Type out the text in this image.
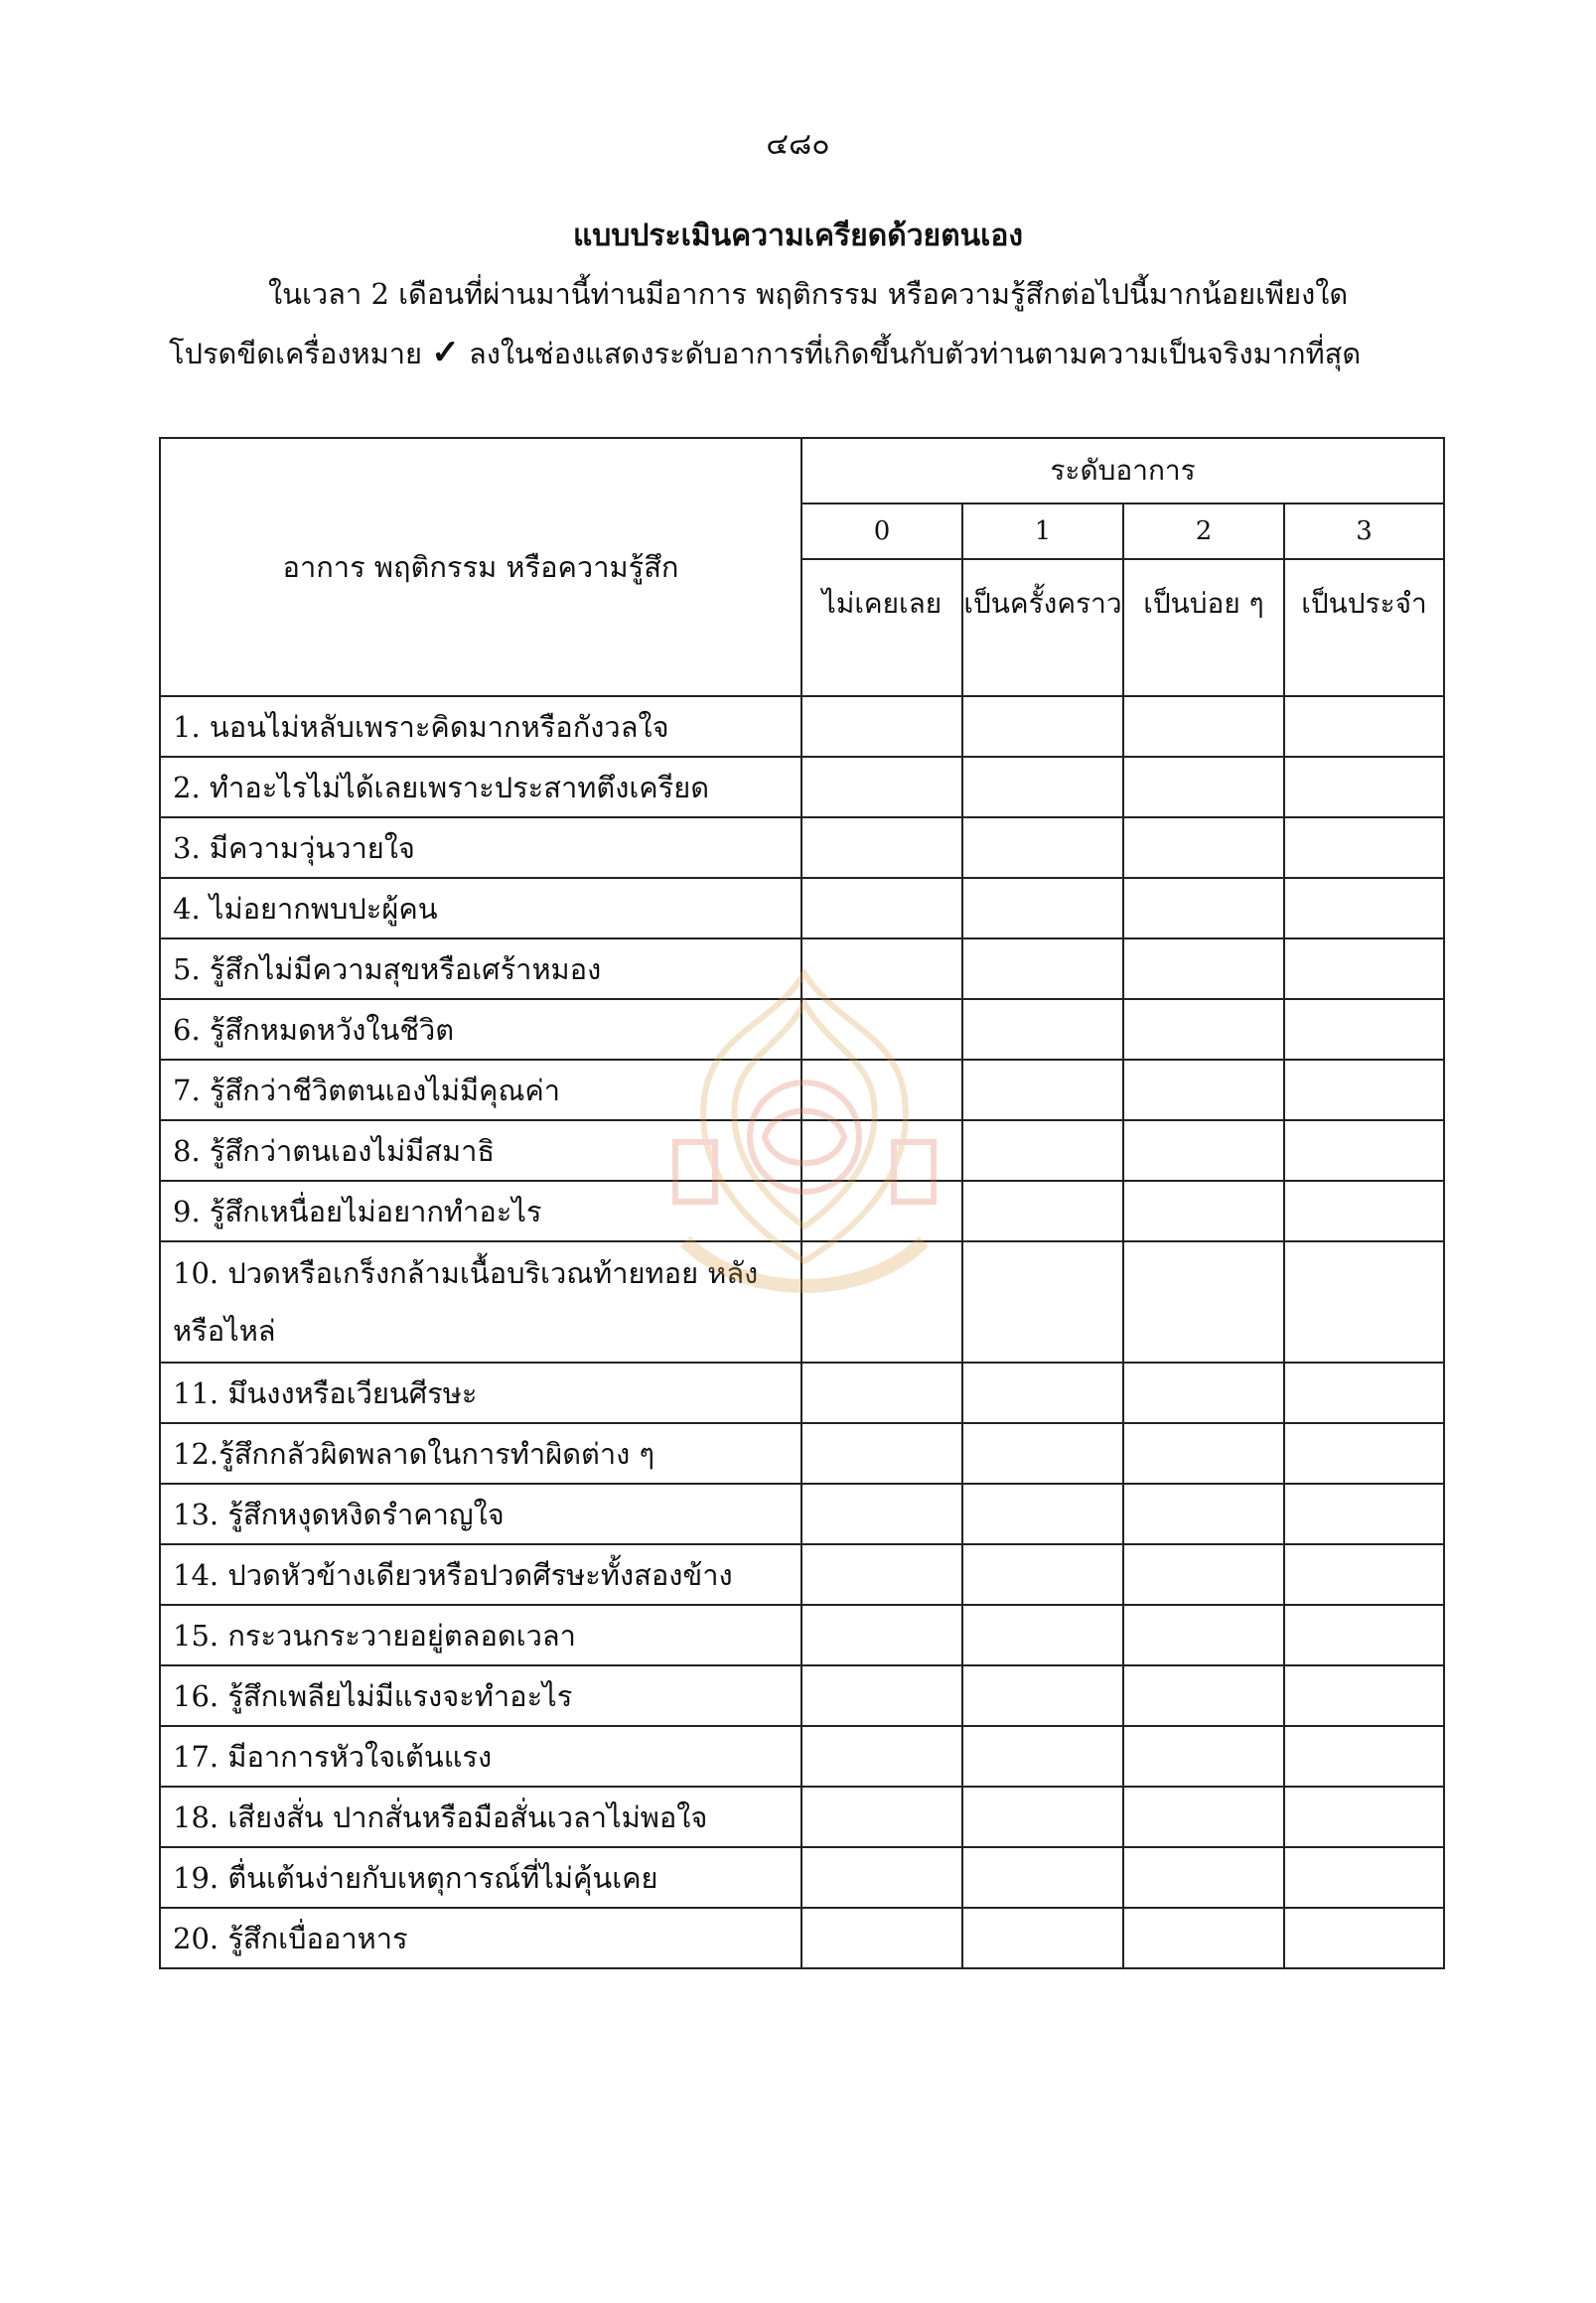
๔๘๐
แบบประเมินความเครียดด้วยตนเอง
ในเวลา 2 เดือนที่ผ่านมานี้ท่านมีอาการ พฤติกรรม หรือความรู้สึกต่อไปนี้มากน้อยเพียงใด
โปรดขีดเครื่องหมาย ✓ ลงในช่องแสดงระดับอาการที่เกิดขึ้นกับตัวท่านตามความเป็นจริงมากที่สุด
อาการ พฤติกรรม หรือความรู้สึก	ระดับอาการ			
	0	1	2	3
	ไม่เคยเลย	เป็นครั้งคราว	เป็นบ่อย ๆ	เป็นประจำ
1. นอนไม่หลับเพราะคิดมากหรือกังวลใจ				
2. ทำอะไรไม่ได้เลยเพราะประสาทตึงเครียด				
3. มีความวุ่นวายใจ				
4. ไม่อยากพบปะผู้คน				
5. รู้สึกไม่มีความสุขหรือเศร้าหมอง				
6. รู้สึกหมดหวังในชีวิต				
7. รู้สึกว่าชีวิตตนเองไม่มีคุณค่า				
8. รู้สึกว่าตนเองไม่มีสมาธิ				
9. รู้สึกเหนื่อยไม่อยากทำอะไร				
10. ปวดหรือเกร็งกล้ามเนื้อบริเวณท้ายทอย หลังหรือไหล่				
11. มึนงงหรือเวียนศีรษะ				
12.รู้สึกกลัวผิดพลาดในการทำผิดต่าง ๆ				
13. รู้สึกหงุดหงิดรำคาญใจ				
14. ปวดหัวข้างเดียวหรือปวดศีรษะทั้งสองข้าง				
15. กระวนกระวายอยู่ตลอดเวลา				
16. รู้สึกเพลียไม่มีแรงจะทำอะไร				
17. มีอาการหัวใจเต้นแรง				
18. เสียงสั่น ปากสั่นหรือมือสั่นเวลาไม่พอใจ				
19. ตื่นเต้นง่ายกับเหตุการณ์ที่ไม่คุ้นเคย				
20. รู้สึกเบื่ออาหาร				
